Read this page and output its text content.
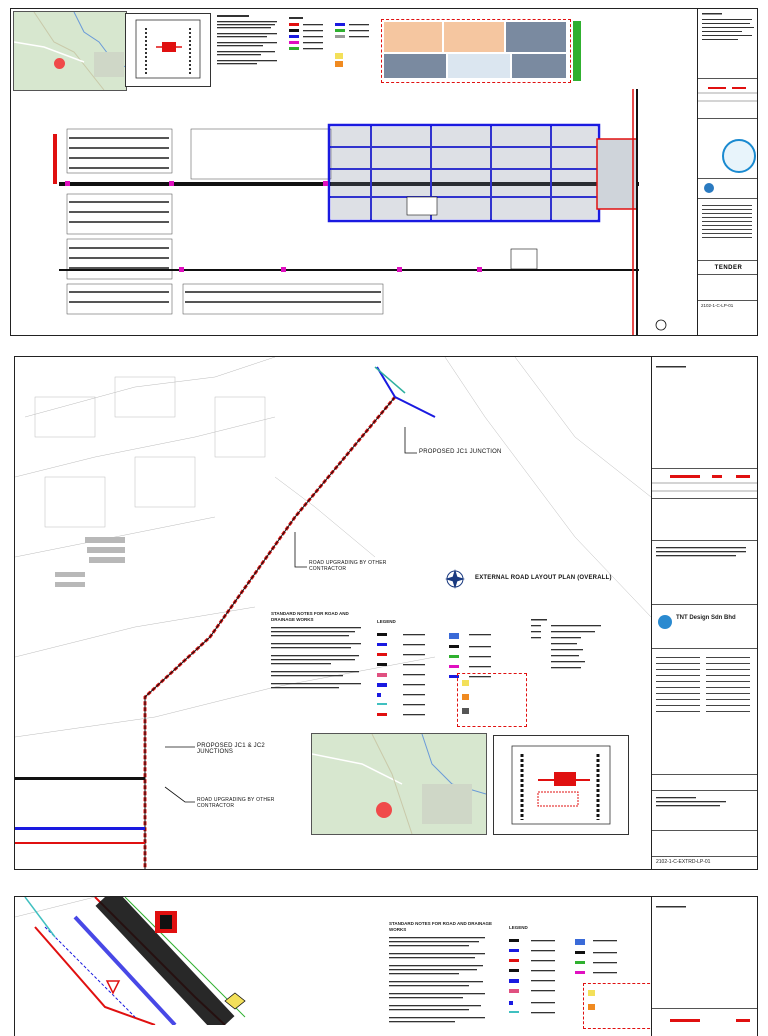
TENDER
2102-1-C-LP-01
PROPOSED JC1 JUNCTION
ROAD UPGRADING BY OTHER CONTRACTOR
PROPOSED JC1 & JC2 JUNCTIONS
ROAD UPGRADING BY OTHER CONTRACTOR
EXTERNAL ROAD LAYOUT PLAN (OVERALL)
STANDARD NOTES FOR ROAD AND DRAINAGE WORKS	LEGEND
TNT Design Sdn Bhd
2102-1-C-EXTRD-LP-01
STANDARD NOTES FOR ROAD AND DRAINAGE WORKS	LEGEND
